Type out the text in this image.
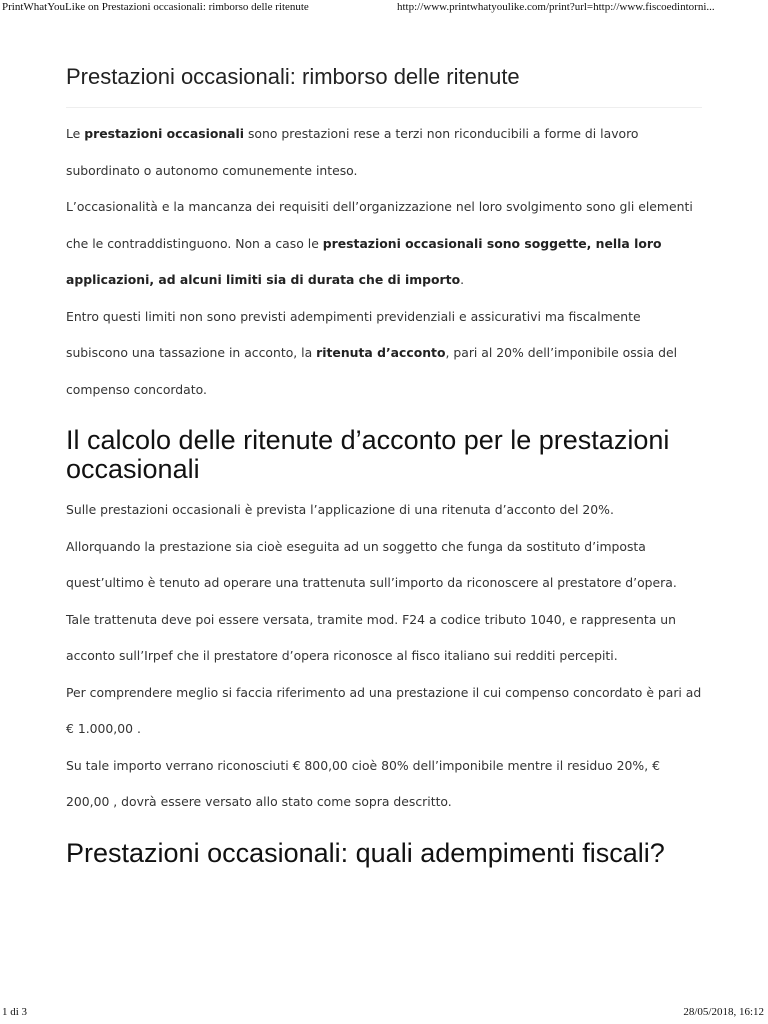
PrintWhatYouLike on Prestazioni occasionali: rimborso delle ritenute	http://www.printwhatyoulike.com/print?url=http://www.fiscoedintorni...
Prestazioni occasionali: rimborso delle ritenute

Le prestazioni occasionali sono prestazioni rese a terzi non riconducibili a forme di lavoro subordinato o autonomo comunemente inteso.

L’occasionalità e la mancanza dei requisiti dell’organizzazione nel loro svolgimento sono gli elementi che le contraddistinguono. Non a caso le prestazioni occasionali sono soggette, nella loro applicazioni, ad alcuni limiti sia di durata che di importo.

Entro questi limiti non sono previsti adempimenti previdenziali e assicurativi ma fiscalmente subiscono una tassazione in acconto, la ritenuta d’acconto, pari al 20% dell’imponibile ossia del compenso concordato.

Il calcolo delle ritenute d’acconto per le prestazioni occasionali

Sulle prestazioni occasionali è prevista l’applicazione di una ritenuta d’acconto del 20%.

Allorquando la prestazione sia cioè eseguita ad un soggetto che funga da sostituto d’imposta quest’ultimo è tenuto ad operare una trattenuta sull’importo da riconoscere al prestatore d’opera. Tale trattenuta deve poi essere versata, tramite mod. F24 a codice tributo 1040, e rappresenta un acconto sull’Irpef che il prestatore d’opera riconosce al fisco italiano sui redditi percepiti.

Per comprendere meglio si faccia riferimento ad una prestazione il cui compenso concordato è pari ad € 1.000,00 .

Su tale importo verrano riconosciuti € 800,00 cioè 80% dell’imponibile mentre il residuo 20%, € 200,00 , dovrà essere versato allo stato come sopra descritto.

Prestazioni occasionali: quali adempimenti fiscali?
1 di 3	28/05/2018, 16:12
